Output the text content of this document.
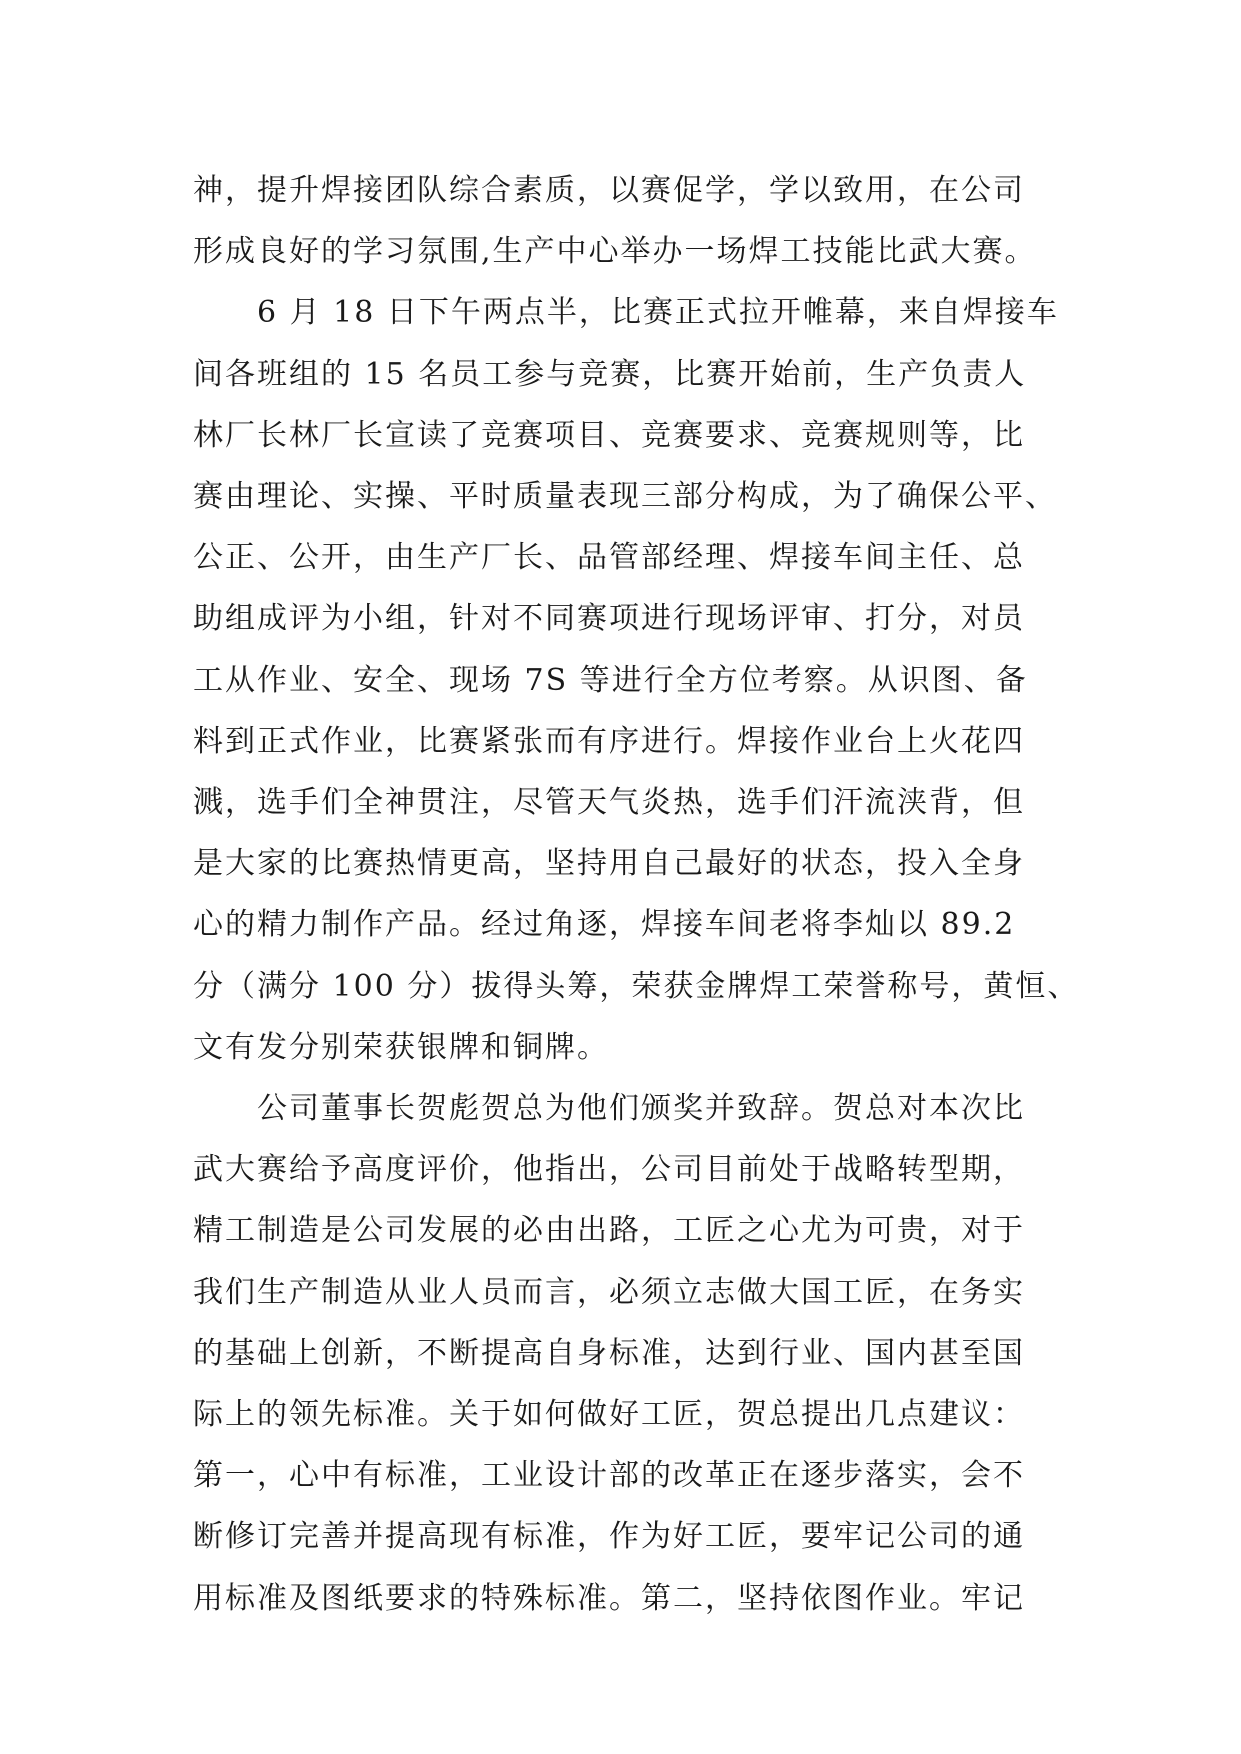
神，提升焊接团队综合素质，以赛促学，学以致用，在公司
形成良好的学习氛围,生产中心举办一场焊工技能比武大赛。
6 月 18 日下午两点半，比赛正式拉开帷幕，来自焊接车
间各班组的 15 名员工参与竞赛，比赛开始前，生产负责人
林厂长林厂长宣读了竞赛项目、竞赛要求、竞赛规则等，比
赛由理论、实操、平时质量表现三部分构成，为了确保公平、
公正、公开，由生产厂长、品管部经理、焊接车间主任、总
助组成评为小组，针对不同赛项进行现场评审、打分，对员
工从作业、安全、现场 7S 等进行全方位考察。从识图、备
料到正式作业，比赛紧张而有序进行。焊接作业台上火花四
溅，选手们全神贯注，尽管天气炎热，选手们汗流浃背，但
是大家的比赛热情更高，坚持用自己最好的状态，投入全身
心的精力制作产品。经过角逐，焊接车间老将李灿以 89.2
分（满分 100 分）拔得头筹，荣获金牌焊工荣誉称号，黄恒、
文有发分别荣获银牌和铜牌。
公司董事长贺彪贺总为他们颁奖并致辞。贺总对本次比
武大赛给予高度评价，他指出，公司目前处于战略转型期，
精工制造是公司发展的必由出路，工匠之心尤为可贵，对于
我们生产制造从业人员而言，必须立志做大国工匠，在务实
的基础上创新，不断提高自身标准，达到行业、国内甚至国
际上的领先标准。关于如何做好工匠，贺总提出几点建议：
第一，心中有标准，工业设计部的改革正在逐步落实，会不
断修订完善并提高现有标准，作为好工匠，要牢记公司的通
用标准及图纸要求的特殊标准。第二，坚持依图作业。牢记
